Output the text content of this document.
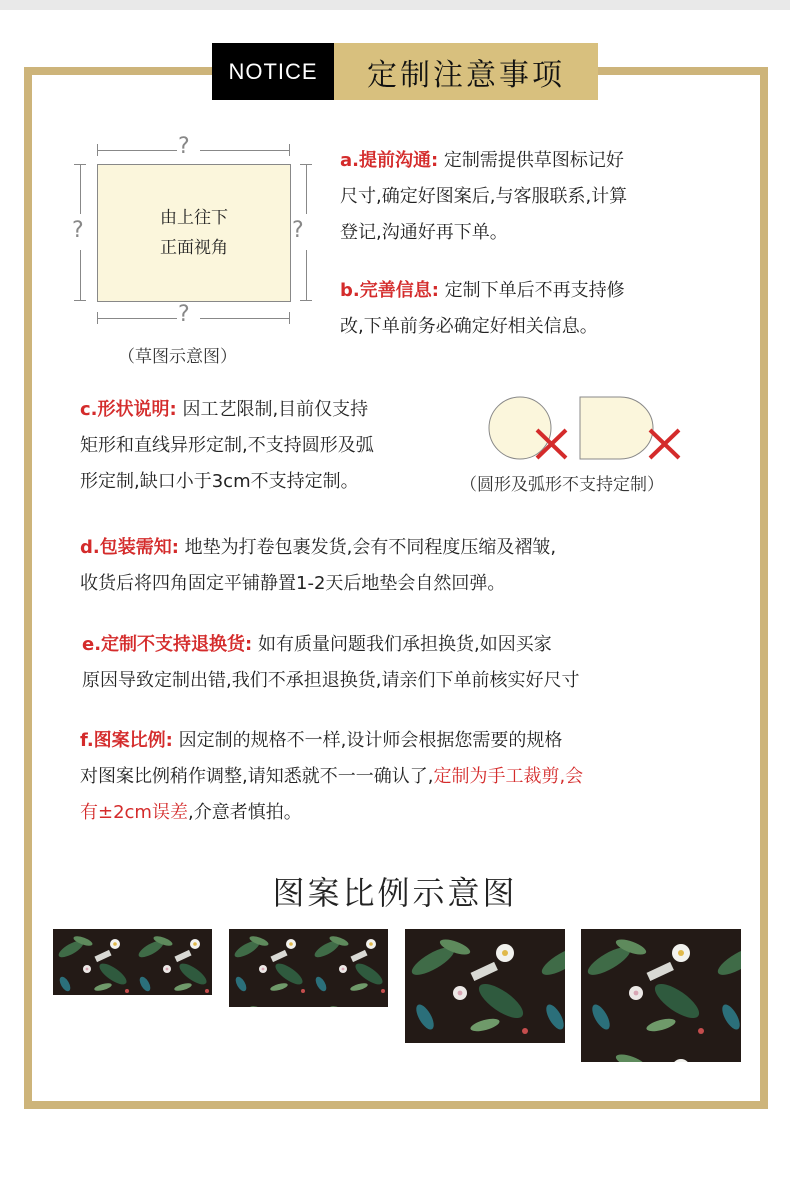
NOTICE	定制注意事项
?
?	?
由上往下
正面视角
?
（草图示意图）
a.提前沟通: 定制需提供草图标记好
尺寸,确定好图案后,与客服联系,计算
登记,沟通好再下单。
b.完善信息: 定制下单后不再支持修
改,下单前务必确定好相关信息。
c.形状说明: 因工艺限制,目前仅支持
矩形和直线异形定制,不支持圆形及弧
形定制,缺口小于3cm不支持定制。	（圆形及弧形不支持定制）
d.包装需知: 地垫为打卷包裹发货,会有不同程度压缩及褶皱,
收货后将四角固定平铺静置1-2天后地垫会自然回弹。
e.定制不支持退换货: 如有质量问题我们承担换货,如因买家
原因导致定制出错,我们不承担退换货,请亲们下单前核实好尺寸
f.图案比例: 因定制的规格不一样,设计师会根据您需要的规格
对图案比例稍作调整,请知悉就不一一确认了,定制为手工裁剪,会
有±2cm误差,介意者慎拍。
图案比例示意图
